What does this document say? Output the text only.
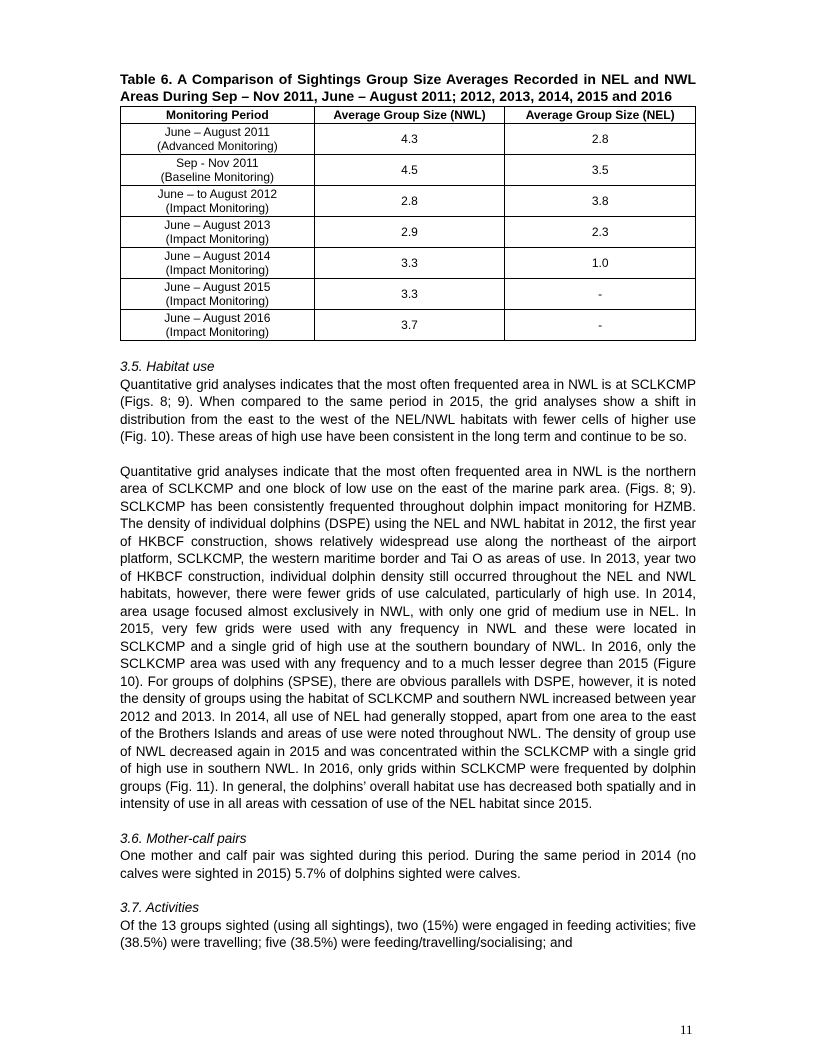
Table 6. A Comparison of Sightings Group Size Averages Recorded in NEL and NWL Areas During Sep – Nov 2011, June – August 2011; 2012, 2013, 2014, 2015 and 2016

Monitoring Period	Average Group Size (NWL)	Average Group Size (NEL)
June – August 2011
(Advanced Monitoring)	4.3	2.8
Sep - Nov 2011
(Baseline Monitoring)	4.5	3.5
June – to August 2012
(Impact Monitoring)	2.8	3.8
June – August 2013
(Impact Monitoring)	2.9	2.3
June – August 2014
(Impact Monitoring)	3.3	1.0
June – August 2015
(Impact Monitoring)	3.3	-
June – August 2016
(Impact Monitoring)	3.7	-
3.5. Habitat use

Quantitative grid analyses indicates that the most often frequented area in NWL is at SCLKCMP (Figs. 8; 9). When compared to the same period in 2015, the grid analyses show a shift in distribution from the east to the west of the NEL/NWL habitats with fewer cells of higher use (Fig. 10). These areas of high use have been consistent in the long term and continue to be so.

Quantitative grid analyses indicate that the most often frequented area in NWL is the northern area of SCLKCMP and one block of low use on the east of the marine park area. (Figs. 8; 9). SCLKCMP has been consistently frequented throughout dolphin impact monitoring for HZMB. The density of individual dolphins (DSPE) using the NEL and NWL habitat in 2012, the first year of HKBCF construction, shows relatively widespread use along the northeast of the airport platform, SCLKCMP, the western maritime border and Tai O as areas of use. In 2013, year two of HKBCF construction, individual dolphin density still occurred throughout the NEL and NWL habitats, however, there were fewer grids of use calculated, particularly of high use. In 2014, area usage focused almost exclusively in NWL, with only one grid of medium use in NEL. In 2015, very few grids were used with any frequency in NWL and these were located in SCLKCMP and a single grid of high use at the southern boundary of NWL. In 2016, only the SCLKCMP area was used with any frequency and to a much lesser degree than 2015 (Figure 10). For groups of dolphins (SPSE), there are obvious parallels with DSPE, however, it is noted the density of groups using the habitat of SCLKCMP and southern NWL increased between year 2012 and 2013. In 2014, all use of NEL had generally stopped, apart from one area to the east of the Brothers Islands and areas of use were noted throughout NWL. The density of group use of NWL decreased again in 2015 and was concentrated within the SCLKCMP with a single grid of high use in southern NWL. In 2016, only grids within SCLKCMP were frequented by dolphin groups (Fig. 11). In general, the dolphins’ overall habitat use has decreased both spatially and in intensity of use in all areas with cessation of use of the NEL habitat since 2015.

3.6. Mother-calf pairs

One mother and calf pair was sighted during this period. During the same period in 2014 (no calves were sighted in 2015) 5.7% of dolphins sighted were calves.

3.7. Activities

Of the 13 groups sighted (using all sightings), two (15%) were engaged in feeding activities; five (38.5%) were travelling; five (38.5%) were feeding/travelling/socialising; and

11
